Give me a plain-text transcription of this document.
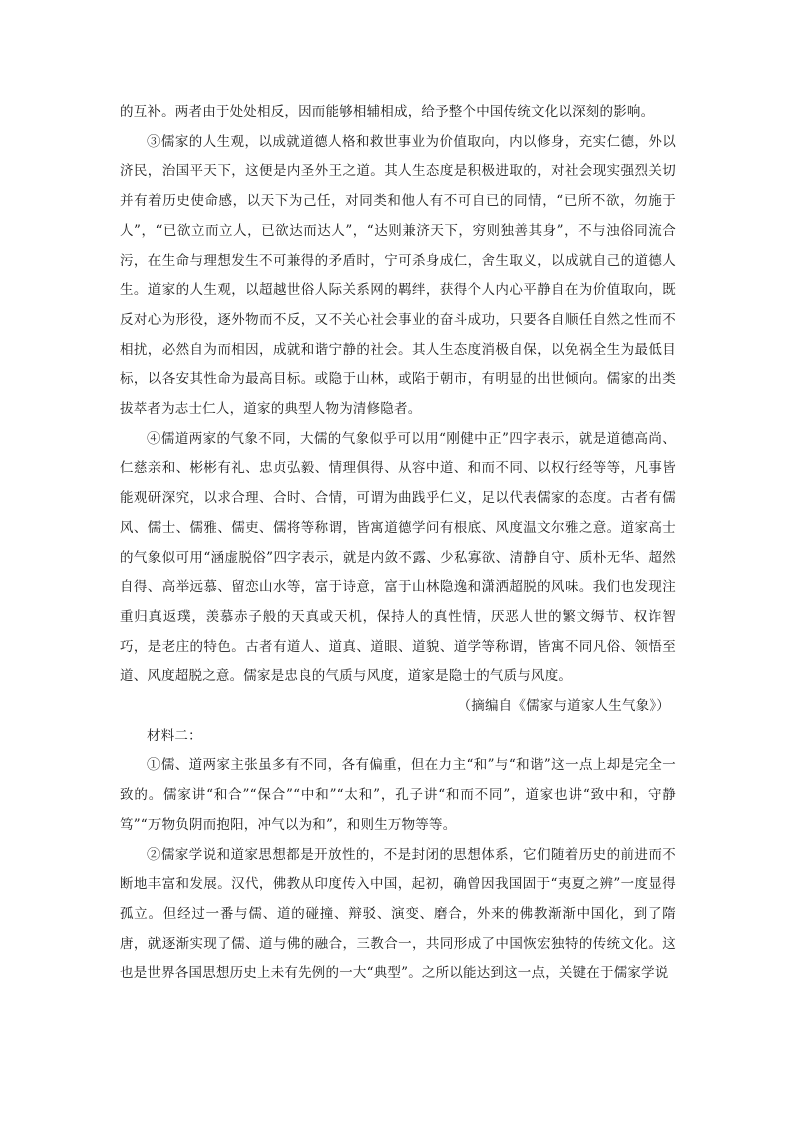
的互补。两者由于处处相反，因而能够相辅相成，给予整个中国传统文化以深刻的影响。

③儒家的人生观，以成就道德人格和救世事业为价值取向，内以修身，充实仁德，外以济民，治国平天下，这便是内圣外王之道。其人生态度是积极进取的，对社会现实强烈关切并有着历史使命感，以天下为己任，对同类和他人有不可自已的同情，“已所不欲，勿施于人”，“已欲立而立人，已欲达而达人”，“达则兼济天下，穷则独善其身”，不与浊俗同流合污，在生命与理想发生不可兼得的矛盾时，宁可杀身成仁，舍生取义，以成就自己的道德人生。道家的人生观，以超越世俗人际关系网的羁绊，获得个人内心平静自在为价值取向，既反对心为形役，逐外物而不反，又不关心社会事业的奋斗成功，只要各自顺任自然之性而不相扰，必然自为而相因，成就和谐宁静的社会。其人生态度消极自保，以免祸全生为最低目标，以各安其性命为最高目标。或隐于山林，或陷于朝市，有明显的出世倾向。儒家的出类拔萃者为志士仁人，道家的典型人物为清修隐者。

④儒道两家的气象不同，大儒的气象似乎可以用“刚健中正”四字表示，就是道德高尚、仁慈亲和、彬彬有礼、忠贞弘毅、情理俱得、从容中道、和而不同、以权行经等等，凡事皆能观研深究，以求合理、合时、合情，可谓为曲践乎仁义，足以代表儒家的态度。古者有儒风、儒士、儒雅、儒吏、儒将等称谓，皆寓道德学问有根底、风度温文尔雅之意。道家高士的气象似可用“涵虚脱俗”四字表示，就是内敛不露、少私寡欲、清静自守、质朴无华、超然自得、高举远慕、留恋山水等，富于诗意，富于山林隐逸和潇洒超脱的风味。我们也发现注重归真返璞，羡慕赤子般的天真或天机，保持人的真性情，厌恶人世的繁文缛节、权诈智巧，是老庄的特色。古者有道人、道真、道眼、道貌、道学等称谓，皆寓不同凡俗、领悟至道、风度超脱之意。儒家是忠良的气质与风度，道家是隐士的气质与风度。

（摘编自《儒家与道家人生气象》）

材料二：

①儒、道两家主张虽多有不同，各有偏重，但在力主“和”与“和谐”这一点上却是完全一致的。儒家讲“和合”“保合”“中和”“太和”，孔子讲“和而不同”，道家也讲“致中和，守静笃”“万物负阴而抱阳，冲气以为和”，和则生万物等等。

②儒家学说和道家思想都是开放性的，不是封闭的思想体系，它们随着历史的前进而不断地丰富和发展。汉代，佛教从印度传入中国，起初，确曾因我国固于“夷夏之辨”一度显得孤立。但经过一番与儒、道的碰撞、辩驳、演变、磨合，外来的佛教渐渐中国化，到了隋唐，就逐渐实现了儒、道与佛的融合，三教合一，共同形成了中国恢宏独特的传统文化。这也是世界各国思想历史上未有先例的一大“典型”。之所以能达到这一点，关键在于儒家学说
